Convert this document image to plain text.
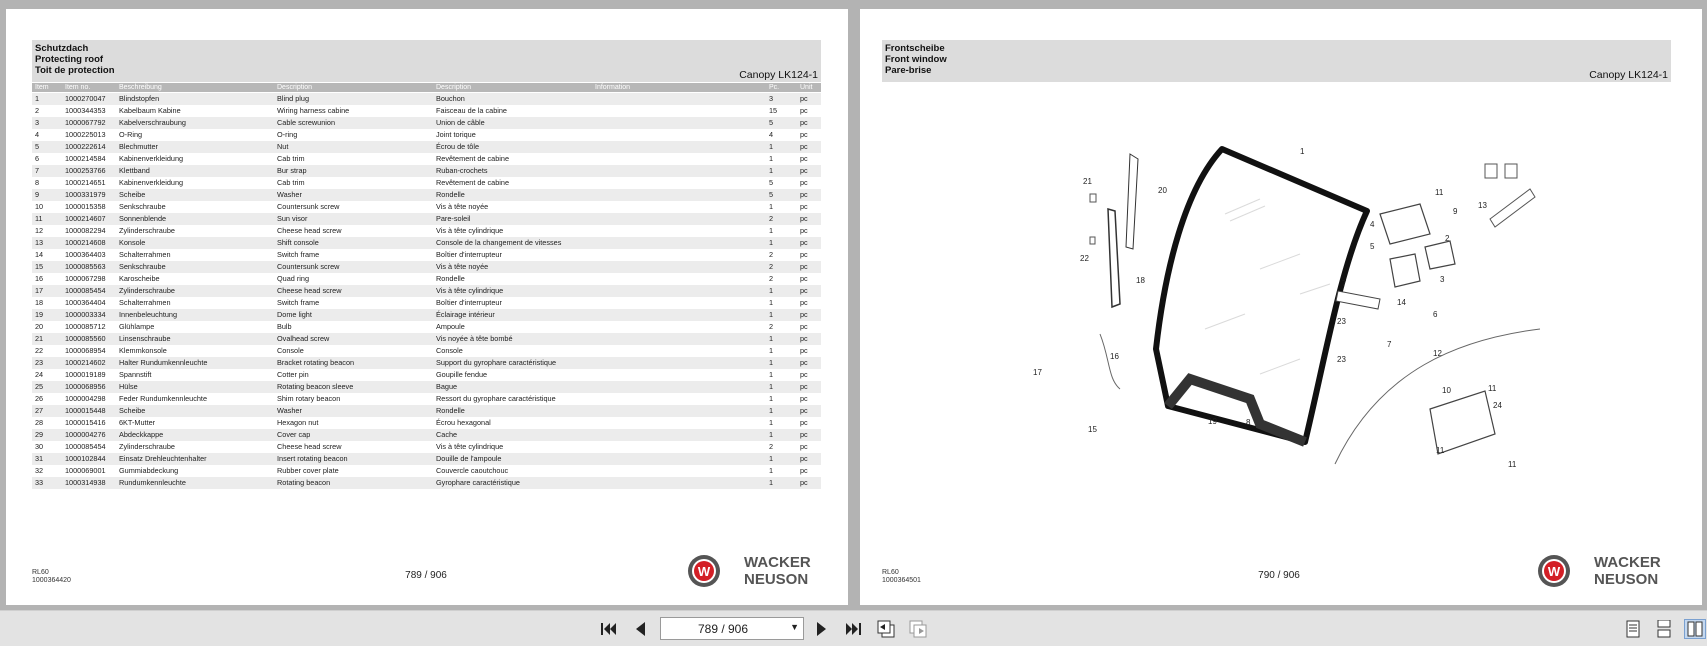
Schutzdach
Protecting roof
Toit de protection	Canopy LK124-1
Item Item no.	Beschreibung	Description	Description	Information	Pc.	Unit
1	1000270047 Blindstopfen	Blind plug	Bouchon	3	pc
2	1000344353 Kabelbaum Kabine	Wiring harness cabine	Faisceau de la cabine	15	pc
3	1000067792 Kabelverschraubung	Cable screwunion	Union de câble	5	pc
4	1000225013 O-Ring	O-ring	Joint torique	4	pc
5	1000222614 Blechmutter	Nut	Écrou de tôle	1	pc
6	1000214584 Kabinenverkleidung	Cab trim	Revêtement de cabine	1	pc
7	1000253766 Klettband	Bur strap	Ruban-crochets	1	pc
8	1000214651 Kabinenverkleidung	Cab trim	Revêtement de cabine	5	pc
9	1000331979 Scheibe	Washer	Rondelle	5	pc
10	1000015358 Senkschraube	Countersunk screw	Vis à tête noyée	1	pc
11	1000214607 Sonnenblende	Sun visor	Pare-soleil	2	pc
12	1000082294 Zylinderschraube	Cheese head screw	Vis à tête cylindrique	1	pc
13	1000214608 Konsole	Shift console	Console de la changement de vitesses	1	pc
14	1000364403 Schalterrahmen	Switch frame	Boîtier d'interrupteur	2	pc
15	1000085563 Senkschraube	Countersunk screw	Vis à tête noyée	2	pc
16	1000067298 Karoscheibe	Quad ring	Rondelle	2	pc
17	1000085454 Zylinderschraube	Cheese head screw	Vis à tête cylindrique	1	pc
18	1000364404 Schalterrahmen	Switch frame	Boîtier d'interrupteur	1	pc
19	1000003334 Innenbeleuchtung	Dome light	Éclairage intérieur	1	pc
20	1000085712 Glühlampe	Bulb	Ampoule	2	pc
21	1000085560 Linsenschraube	Ovalhead screw	Vis noyée à tête bombé	1	pc
22	1000068954 Klemmkonsole	Console	Console	1	pc
23	1000214602 Halter Rundumkennleuchte	Bracket rotating beacon	Support du gyrophare caractéristique	1	pc
24	1000019189 Spannstift	Cotter pin	Goupille fendue	1	pc
25	1000068956 Hülse	Rotating beacon sleeve	Bague	1	pc
26	1000004298 Feder Rundumkennleuchte	Shim rotary beacon	Ressort du gyrophare caractéristique	1	pc
27	1000015448 Scheibe	Washer	Rondelle	1	pc
28	1000015416 6KT-Mutter	Hexagon nut	Écrou hexagonal	1	pc
29	1000004276 Abdeckkappe	Cover cap	Cache	1	pc
30	1000085454 Zylinderschraube	Cheese head screw	Vis à tête cylindrique	2	pc
31	1000102844 Einsatz Drehleuchtenhalter	Insert rotating beacon	Douille de l'ampoule	1	pc
32	1000069001 Gummiabdeckung	Rubber cover plate	Couvercle caoutchouc	1	pc
33	1000314938 Rundumkennleuchte	Rotating beacon	Gyrophare caractéristique	1	pc
RL60
1000364420	789 / 906	W
WACKER
NEUSON
Frontscheibe
Front window
Pare-brise	Canopy LK124-1
1
2
3
4
5
6
7
7
8
9
10
11
11
11
11
12
13
14
15
16
17
18
19
20
21
22
23
23
24
RL60
1000364501	790 / 906	W
WACKER
NEUSON
789 / 906
▼
